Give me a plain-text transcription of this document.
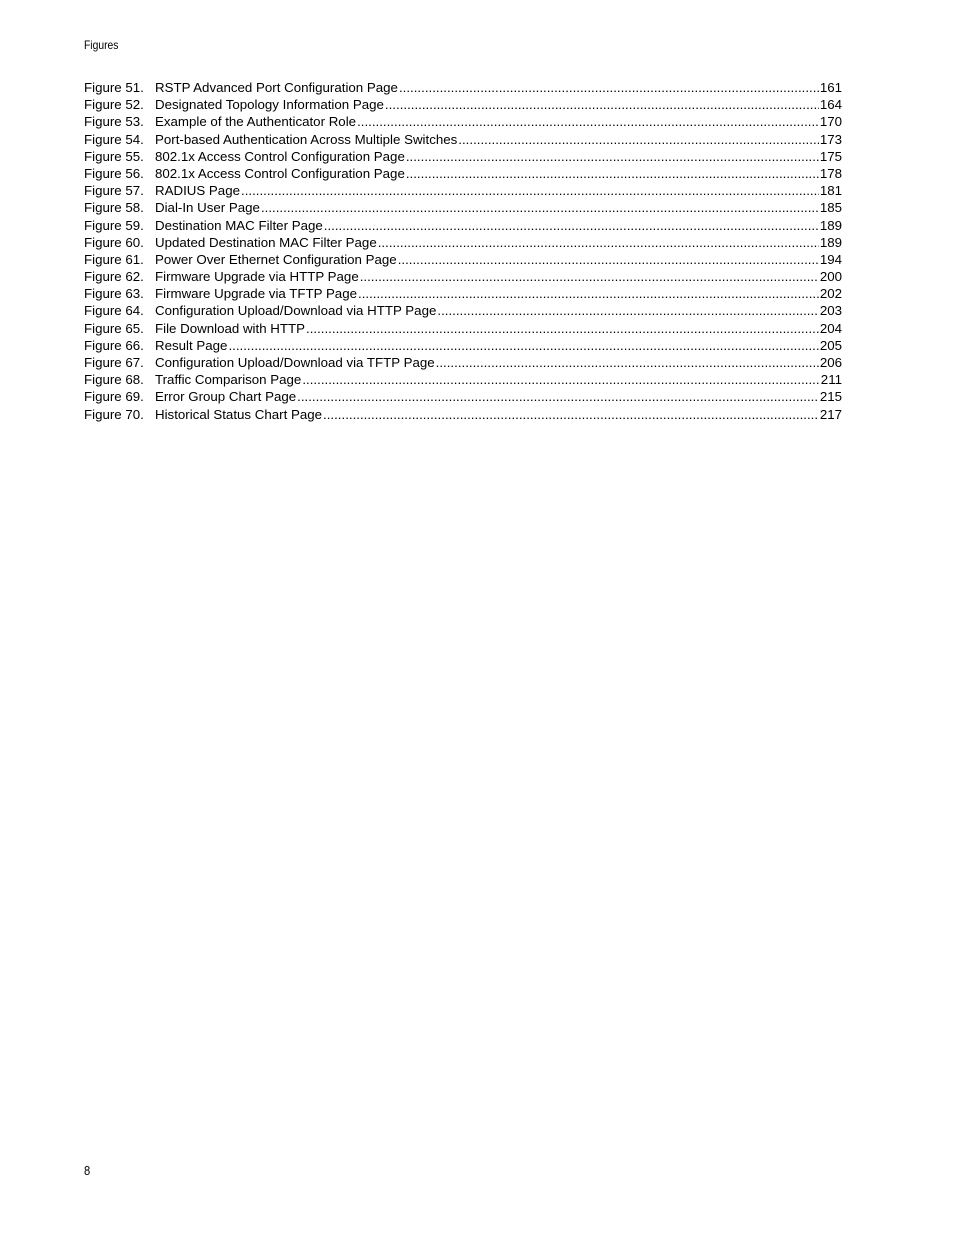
Figures
Figure 51. RSTP Advanced Port Configuration Page .....	161
Figure 52. Designated Topology Information Page .....	164
Figure 53. Example of the Authenticator Role .....	170
Figure 54. Port-based Authentication Across Multiple Switches .....	173
Figure 55. 802.1x Access Control Configuration Page .....	175
Figure 56. 802.1x Access Control Configuration Page .....	178
Figure 57. RADIUS Page .....	181
Figure 58. Dial-In User Page .....	185
Figure 59. Destination MAC Filter Page .....	189
Figure 60. Updated Destination MAC Filter Page .....	189
Figure 61. Power Over Ethernet Configuration Page .....	194
Figure 62. Firmware Upgrade via HTTP Page .....	200
Figure 63. Firmware Upgrade via TFTP Page .....	202
Figure 64. Configuration Upload/Download via HTTP Page .....	203
Figure 65. File Download with HTTP .....	204
Figure 66. Result Page .....	205
Figure 67. Configuration Upload/Download via TFTP Page .....	206
Figure 68. Traffic Comparison Page .....	211
Figure 69. Error Group Chart Page .....	215
Figure 70. Historical Status Chart Page .....	217
8
